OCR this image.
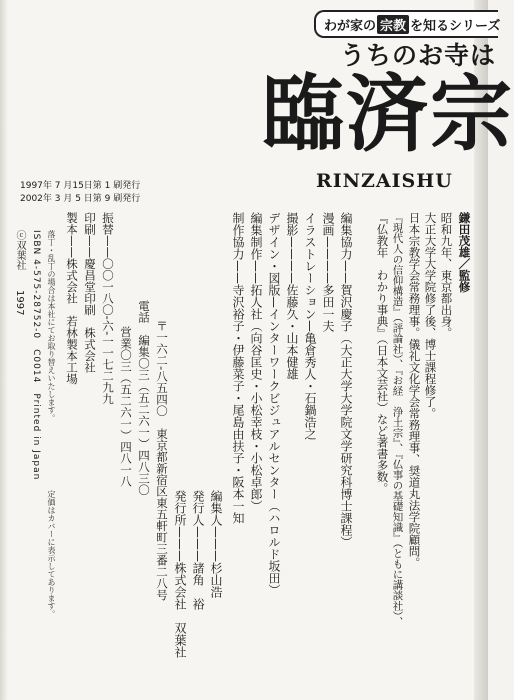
わが家の 宗教 を知るシリーズ
うちのお寺は
臨済宗
RINZAISHU
1997年 7 月15日第 1 刷発行
2002年 3 月 5 日第 9 刷発行
鎌田茂雄／監修
昭和九年、東京都出身。
大正大学大学院修了後、博士課程修了。
日本宗教学会常務理事。儀礼文化学会常務理事、奨道丸法学院顧問。
『現代人の信仰構造』（評論社）、『お経　浄土宗』、『仏事の基礎知識』（ともに講談社）、
『仏教年　わかり事典』（日本文芸社）など著書多数。
編集協力——賀沢慶子（大正大学大学院文学研究科博士課程）
漫画————多田一夫
イラストレーション—亀倉秀人・石鍋浩之
撮影————佐藤久・山本健雄
デザイン・図版—インターワークビジュアルセンター（ハロルド坂田）
編集制作——拓人社（向谷匡史・小松幸枝・小松卓郎）
制作協力——寺沢裕子・伊藤菜子・尾島由扶子・阪本一知
編集人———杉山浩
発行人———諸角　裕
発行所———株式会社　双葉社
〒一六二-八五四〇　東京都新宿区東五軒町三番二八号
電話　編集〇三（五二六一）四八三〇
営業〇三（五二六一）四八一八
振替——〇〇一八〇-六-一一七二九九
印刷——慶昌堂印刷　株式会社
製本——株式会社　若林製本工場
落丁・乱丁の場合は本社にてお取り替えいたします。
定価はカバーに表示してあります。
ISBN 4-575-28752-0　C0014　Printed in Japan
ⓒ双葉社　　1997
